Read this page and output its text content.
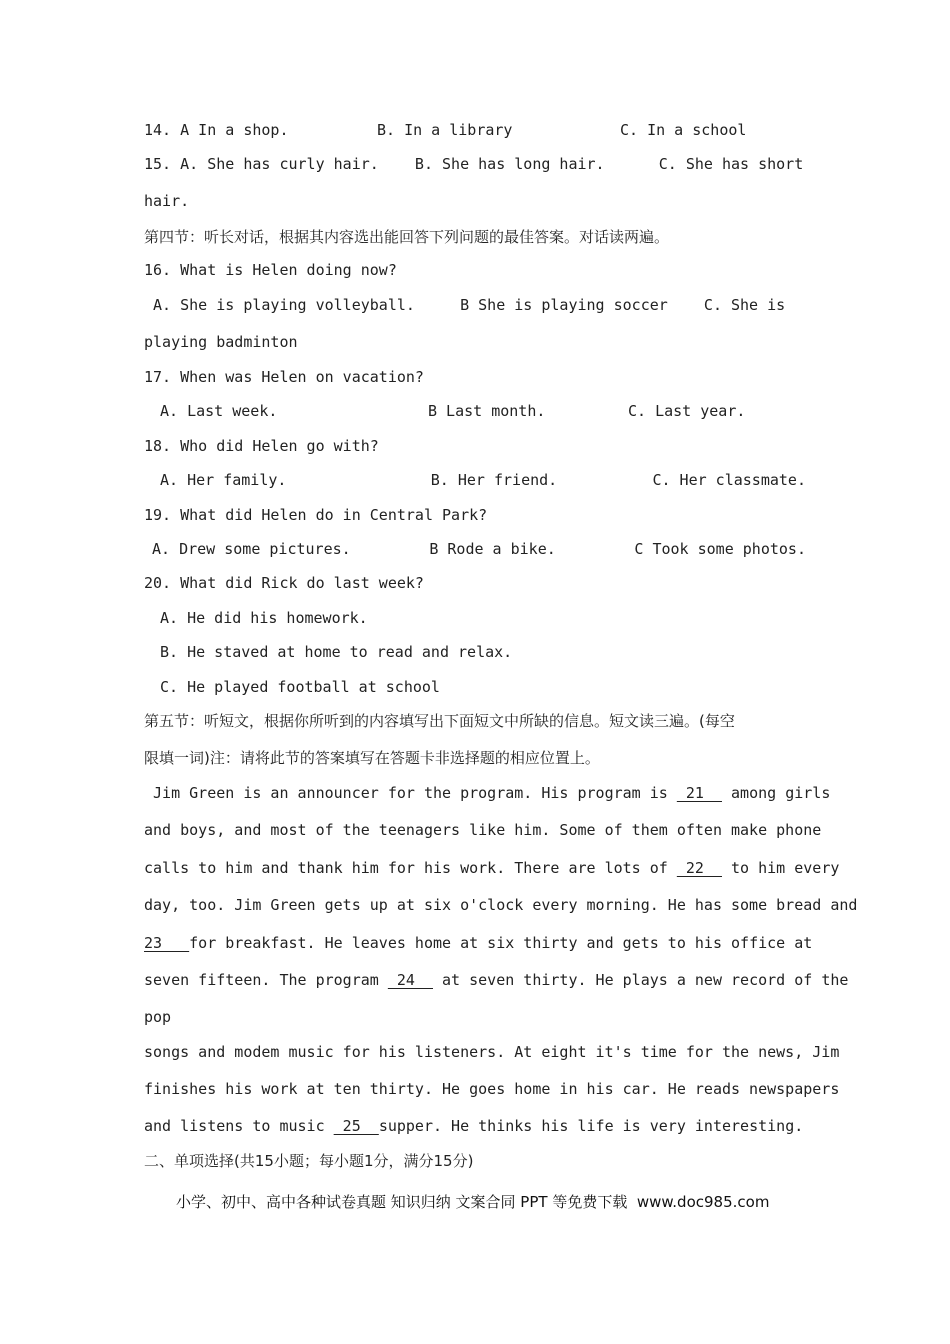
14. A In a shop.	B. In a library	C. In a school
15. A. She has curly hair.    B. She has long hair.      C. She has short
hair.
第四节：听长对话，根据其内容选出能回答下列问题的最佳答案。对话读两遍。
16. What is Helen doing now?
A. She is playing volleyball.     B She is playing soccer    C. She is
playing badminton
17. When was Helen on vacation?
A. Last week.	B Last month.	C. Last year.
18. Who did Helen go with?
A. Her family.	B. Her friend.	C. Her classmate.
19. What did Helen do in Central Park?
A. Drew some pictures.	B Rode a bike.	C Took some photos.
20. What did Rick do last week?
A. He did his homework.
B. He staved at home to read and relax.
C. He played football at school
第五节：听短文，根据你所听到的内容填写出下面短文中所缺的信息。短文读三遍。(每空
限填一词)注：请将此节的答案填写在答题卡非选择题的相应位置上。
Jim Green is an announcer for the program. His program is  21   among girls
and boys, and most of the teenagers like him. Some of them often make phone
calls to him and thank him for his work. There are lots of  22   to him every
day, too. Jim Green gets up at six o'clock every morning. He has some bread and
23   for breakfast. He leaves home at six thirty and gets to his office at
seven fifteen. The program  24   at seven thirty. He plays a new record of the
pop
songs and modem music for his listeners. At eight it's time for the news, Jim
finishes his work at ten thirty. He goes home in his car. He reads newspapers
and listens to music  25  supper. He thinks his life is very interesting.
二、单项选择(共15小题；每小题1分，满分15分)
小学、初中、高中各种试卷真题 知识归纳 文案合同 PPT 等免费下载  www.doc985.com
